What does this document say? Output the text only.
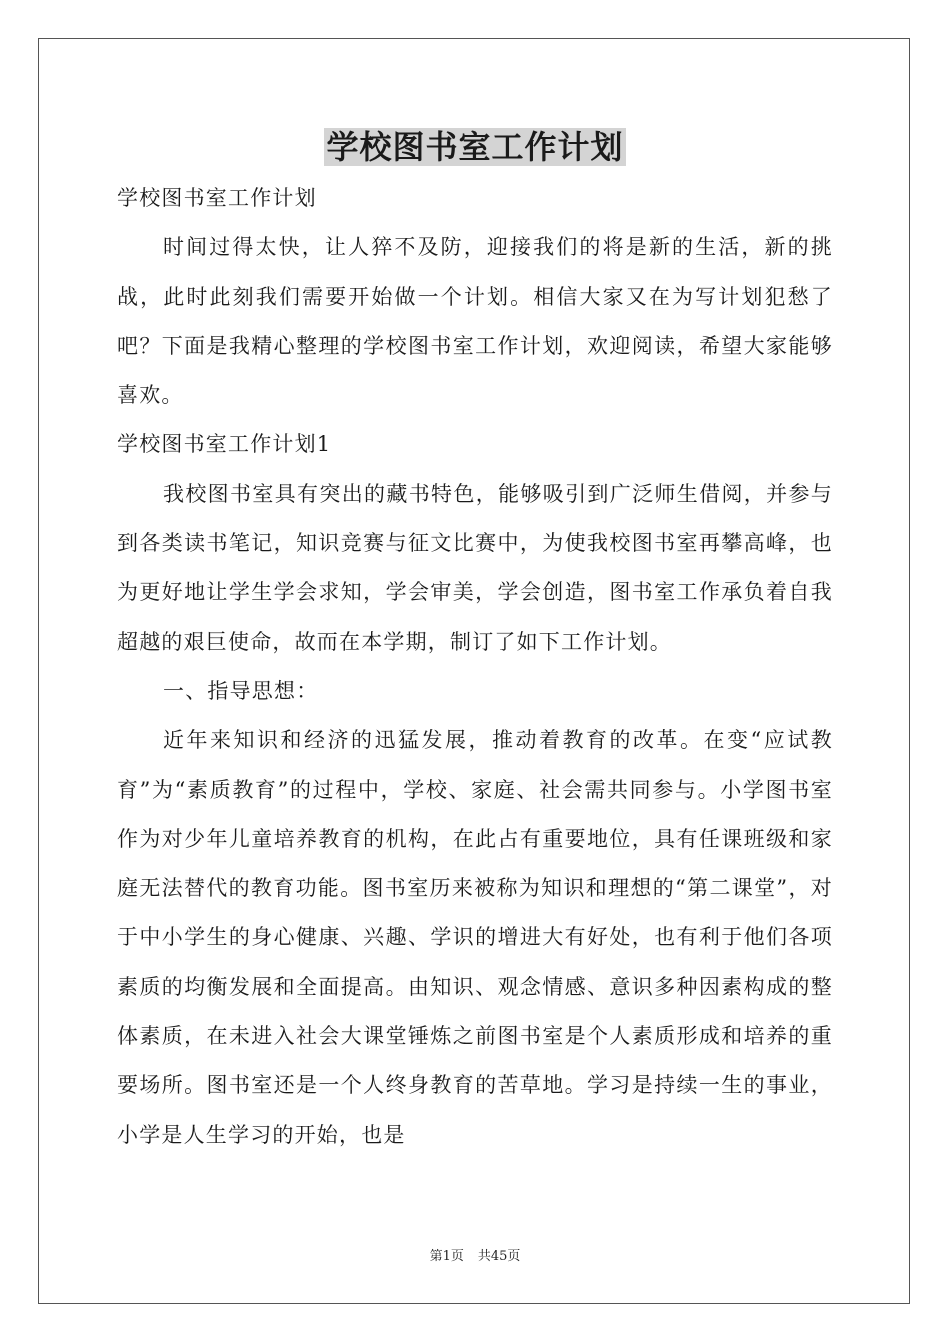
学校图书室工作计划

学校图书室工作计划

时间过得太快，让人猝不及防，迎接我们的将是新的生活，新的挑战，此时此刻我们需要开始做一个计划。相信大家又在为写计划犯愁了吧？下面是我精心整理的学校图书室工作计划，欢迎阅读，希望大家能够喜欢。

学校图书室工作计划1

我校图书室具有突出的藏书特色，能够吸引到广泛师生借阅，并参与到各类读书笔记，知识竞赛与征文比赛中，为使我校图书室再攀高峰，也为更好地让学生学会求知，学会审美，学会创造，图书室工作承负着自我超越的艰巨使命，故而在本学期，制订了如下工作计划。

一、指导思想：

近年来知识和经济的迅猛发展，推动着教育的改革。在变“应试教育”为“素质教育”的过程中，学校、家庭、社会需共同参与。小学图书室作为对少年儿童培养教育的机构，在此占有重要地位，具有任课班级和家庭无法替代的教育功能。图书室历来被称为知识和理想的“第二课堂”，对于中小学生的身心健康、兴趣、学识的增进大有好处，也有利于他们各项素质的均衡发展和全面提高。由知识、观念情感、意识多种因素构成的整体素质，在未进入社会大课堂锤炼之前图书室是个人素质形成和培养的重要场所。图书室还是一个人终身教育的苦草地。学习是持续一生的事业，小学是人生学习的开始，也是

第1页 共45页
